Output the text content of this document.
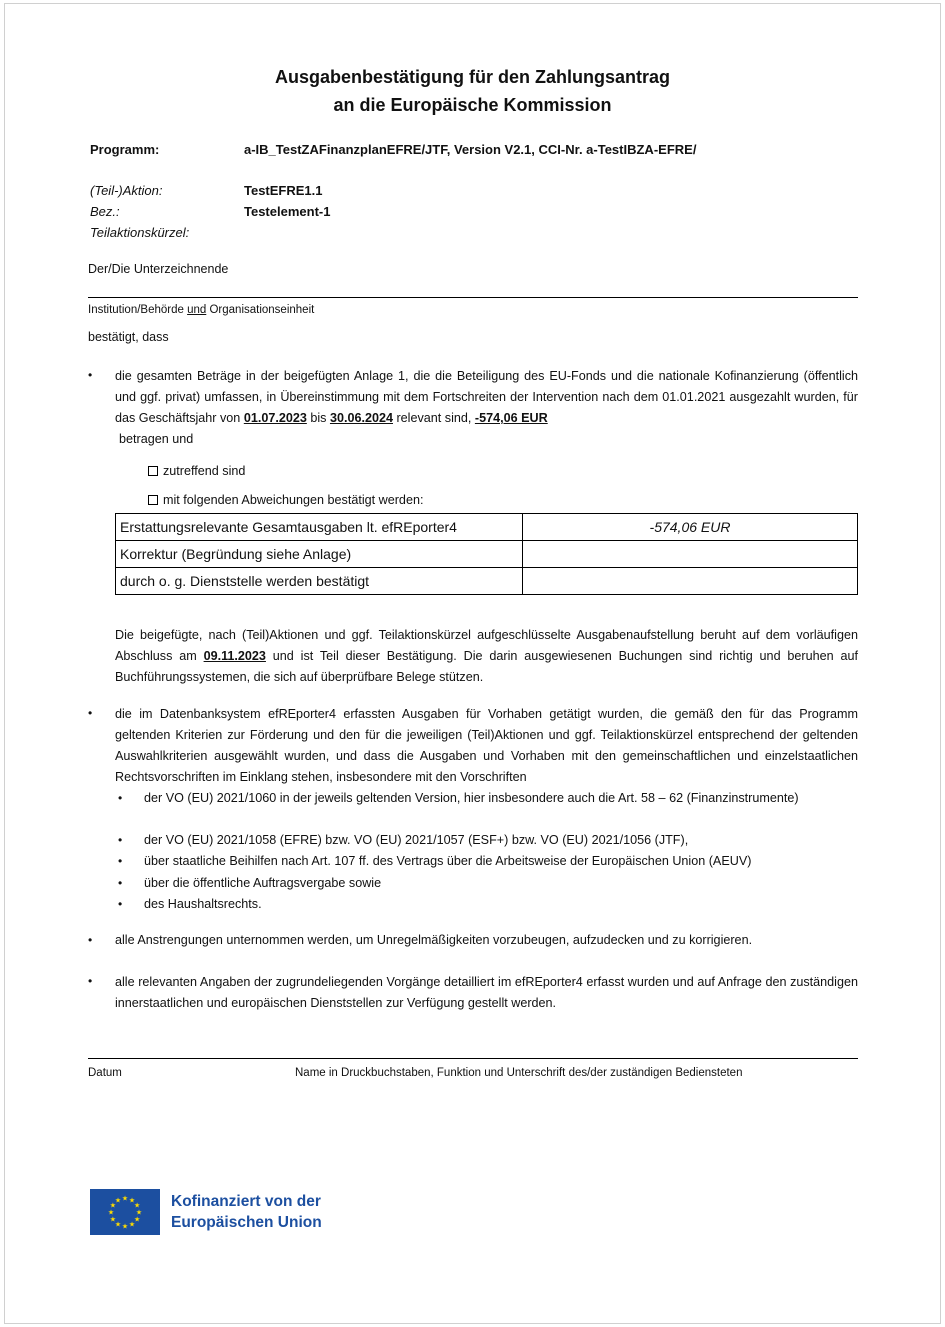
Ausgabenbestätigung für den Zahlungsantrag
an die Europäische Kommission
Programm:	a-IB_TestZAFinanzplanEFRE/JTF, Version V2.1, CCI-Nr. a-TestIBZA-EFRE/
(Teil-)Aktion:	TestEFRE1.1
Bez.:	Testelement-1
Teilaktionskürzel:
Der/Die Unterzeichnende
Institution/Behörde und Organisationseinheit
bestätigt, dass
• die gesamten Beträge in der beigefügten Anlage 1, die die Beteiligung des EU-Fonds und die nationale Kofinanzierung (öffentlich und ggf. privat) umfassen, in Übereinstimmung mit dem Fortschreiten der Intervention nach dem 01.01.2021 ausgezahlt wurden, für das Geschäftsjahr von 01.07.2023 bis 30.06.2024 relevant sind, -574,06 EUR
betragen und
zutreffend sind
mit folgenden Abweichungen bestätigt werden:
Erstattungsrelevante Gesamtausgaben lt. efREporter4	-574,06 EUR
Korrektur (Begründung siehe Anlage)	
durch o. g. Dienststelle werden bestätigt	
Die beigefügte, nach (Teil)Aktionen und ggf. Teilaktionskürzel aufgeschlüsselte Ausgabenaufstellung beruht auf dem vorläufigen Abschluss am 09.11.2023 und ist Teil dieser Bestätigung. Die darin ausgewiesenen Buchungen sind richtig und beruhen auf Buchführungssystemen, die sich auf überprüfbare Belege stützen.
• die im Datenbanksystem efREporter4 erfassten Ausgaben für Vorhaben getätigt wurden, die gemäß den für das Programm geltenden Kriterien zur Förderung und den für die jeweiligen (Teil)Aktionen und ggf. Teilaktionskürzel entsprechend der geltenden Auswahlkriterien ausgewählt wurden, und dass die Ausgaben und Vorhaben mit den gemeinschaftlichen und einzelstaatlichen Rechtsvorschriften im Einklang stehen, insbesondere mit den Vorschriften
• der VO (EU) 2021/1060 in der jeweils geltenden Version, hier insbesondere auch die Art. 58 – 62 (Finanzinstrumente)
• der VO (EU) 2021/1058 (EFRE) bzw. VO (EU) 2021/1057 (ESF+) bzw. VO (EU) 2021/1056 (JTF),
• über staatliche Beihilfen nach Art. 107 ff. des Vertrags über die Arbeitsweise der Europäischen Union (AEUV)
• über die öffentliche Auftragsvergabe sowie
• des Haushaltsrechts.
• alle Anstrengungen unternommen werden, um Unregelmäßigkeiten vorzubeugen, aufzudecken und zu korrigieren.
• alle relevanten Angaben der zugrundeliegenden Vorgänge detailliert im efREporter4 erfasst wurden und auf Anfrage den zuständigen innerstaatlichen und europäischen Dienststellen zur Verfügung gestellt werden.
Datum	Name in Druckbuchstaben, Funktion und Unterschrift des/der zuständigen Bediensteten
★ ★
★
★
★
★
★
★
★
★
★
★	Kofinanziert von der
Europäischen Union
